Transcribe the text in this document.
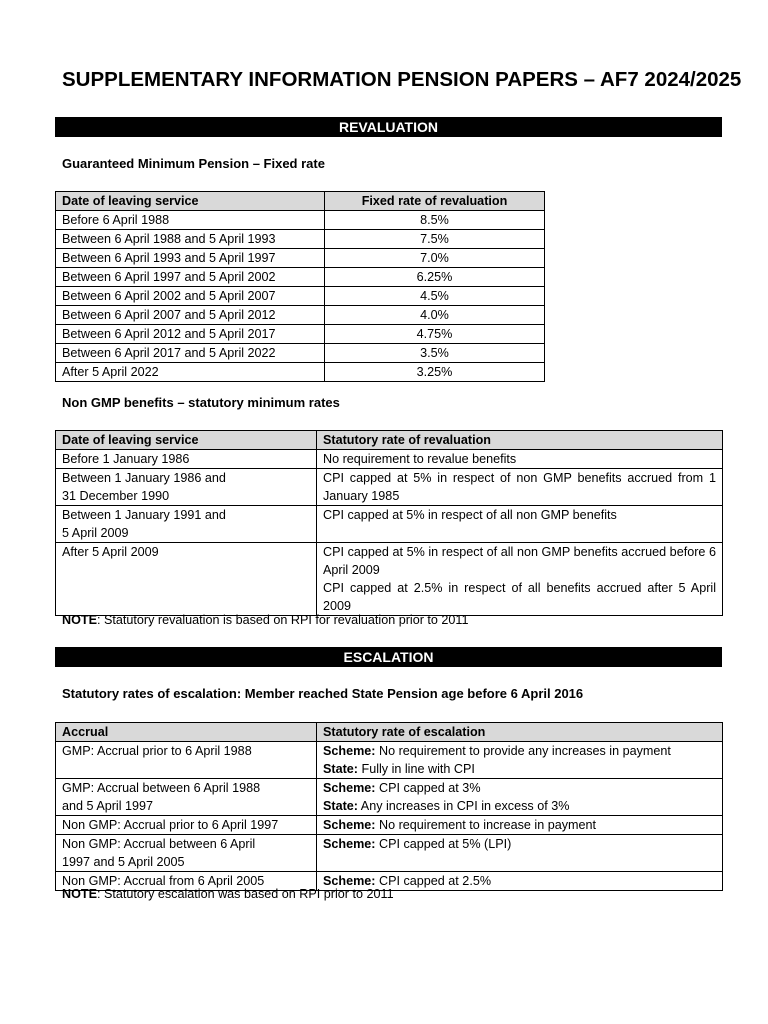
SUPPLEMENTARY INFORMATION PENSION PAPERS – AF7 2024/2025
REVALUATION
Guaranteed Minimum Pension – Fixed rate
Date of leaving service	Fixed rate of revaluation
Before 6 April 1988	8.5%
Between 6 April 1988 and 5 April 1993	7.5%
Between 6 April 1993 and 5 April 1997	7.0%
Between 6 April 1997 and 5 April 2002	6.25%
Between 6 April 2002 and 5 April 2007	4.5%
Between 6 April 2007 and 5 April 2012	4.0%
Between 6 April 2012 and 5 April 2017	4.75%
Between 6 April 2017 and 5 April 2022	3.5%
After 5 April 2022	3.25%
Non GMP benefits – statutory minimum rates
Date of leaving service	Statutory rate of revaluation

Before 1 January 1986	No requirement to revalue benefits

Between 1 January 1986 and
31 December 1990	CPI capped at 5% in respect of non GMP benefits accrued from 1 January 1985

Between 1 January 1991 and
5 April 2009	CPI capped at 5% in respect of all non GMP benefits

After 5 April 2009	CPI capped at 5% in respect of all non GMP benefits accrued before 6 April 2009
CPI capped at 2.5% in respect of all benefits accrued after 5 April 2009
NOTE: Statutory revaluation is based on RPI for revaluation prior to 2011
ESCALATION
Statutory rates of escalation: Member reached State Pension age before 6 April 2016
Accrual	Statutory rate of escalation

GMP: Accrual prior to 6 April 1988	Scheme: No requirement to provide any increases in payment
State: Fully in line with CPI

GMP: Accrual between 6 April 1988
and 5 April 1997	Scheme: CPI capped at 3%
State: Any increases in CPI in excess of 3%

Non GMP: Accrual prior to 6 April 1997	Scheme: No requirement to increase in payment

Non GMP: Accrual between 6 April
1997 and 5 April 2005	Scheme: CPI capped at 5% (LPI)

Non GMP: Accrual from 6 April 2005	Scheme: CPI capped at 2.5%
NOTE: Statutory escalation was based on RPI prior to 2011
